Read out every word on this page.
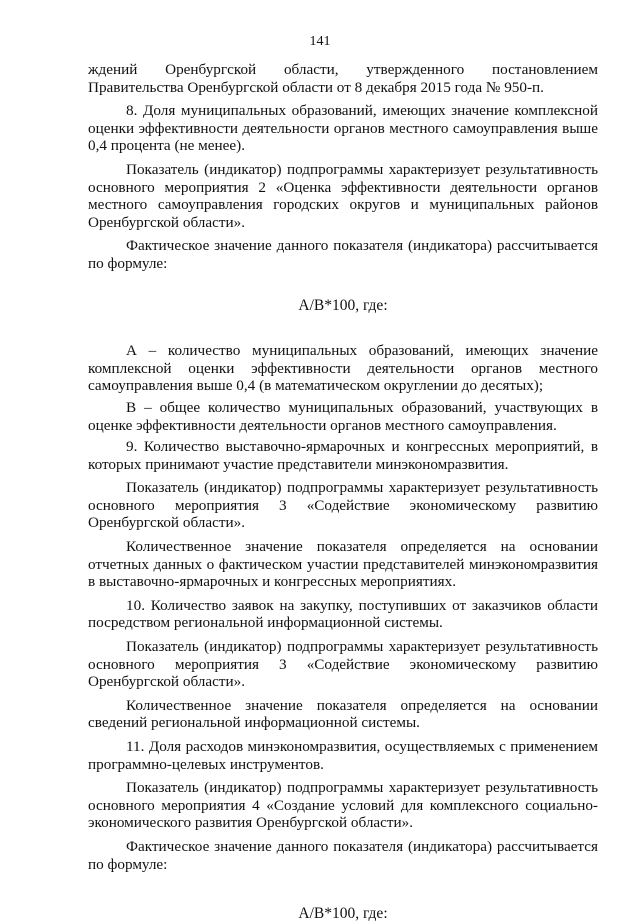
141

ждений Оренбургской области, утвержденного постановлением Правительства Оренбургской области от 8 декабря 2015 года № 950-п.

8. Доля муниципальных образований, имеющих значение комплексной оценки эффективности деятельности органов местного самоуправления выше 0,4 процента (не менее).

Показатель (индикатор) подпрограммы характеризует результативность основного мероприятия 2 «Оценка эффективности деятельности органов местного самоуправления городских округов и муниципальных районов Оренбургской области».

Фактическое значение данного показателя (индикатора) рассчитывается по формуле:

А/В*100, где:

А – количество муниципальных образований, имеющих значение комплексной оценки эффективности деятельности органов местного самоуправления выше 0,4 (в математическом округлении до десятых);

В – общее количество муниципальных образований, участвующих в оценке эффективности деятельности органов местного самоуправления.

9. Количество выставочно-ярмарочных и конгрессных мероприятий, в которых принимают участие представители минэкономразвития.

Показатель (индикатор) подпрограммы характеризует результативность основного мероприятия 3 «Содействие экономическому развитию Оренбургской области».

Количественное значение показателя определяется на основании отчетных данных о фактическом участии представителей минэкономразвития в выставочно-ярмарочных и конгрессных мероприятиях.

10. Количество заявок на закупку, поступивших от заказчиков области посредством региональной информационной системы.

Показатель (индикатор) подпрограммы характеризует результативность основного мероприятия 3 «Содействие экономическому развитию Оренбургской области».

Количественное значение показателя определяется на основании сведений региональной информационной системы.

11. Доля расходов минэкономразвития, осуществляемых с применением программно-целевых инструментов.

Показатель (индикатор) подпрограммы характеризует результативность основного мероприятия 4 «Создание условий для комплексного социально-экономического развития Оренбургской области».

Фактическое значение данного показателя (индикатора) рассчитывается по формуле:

А/В*100, где:
